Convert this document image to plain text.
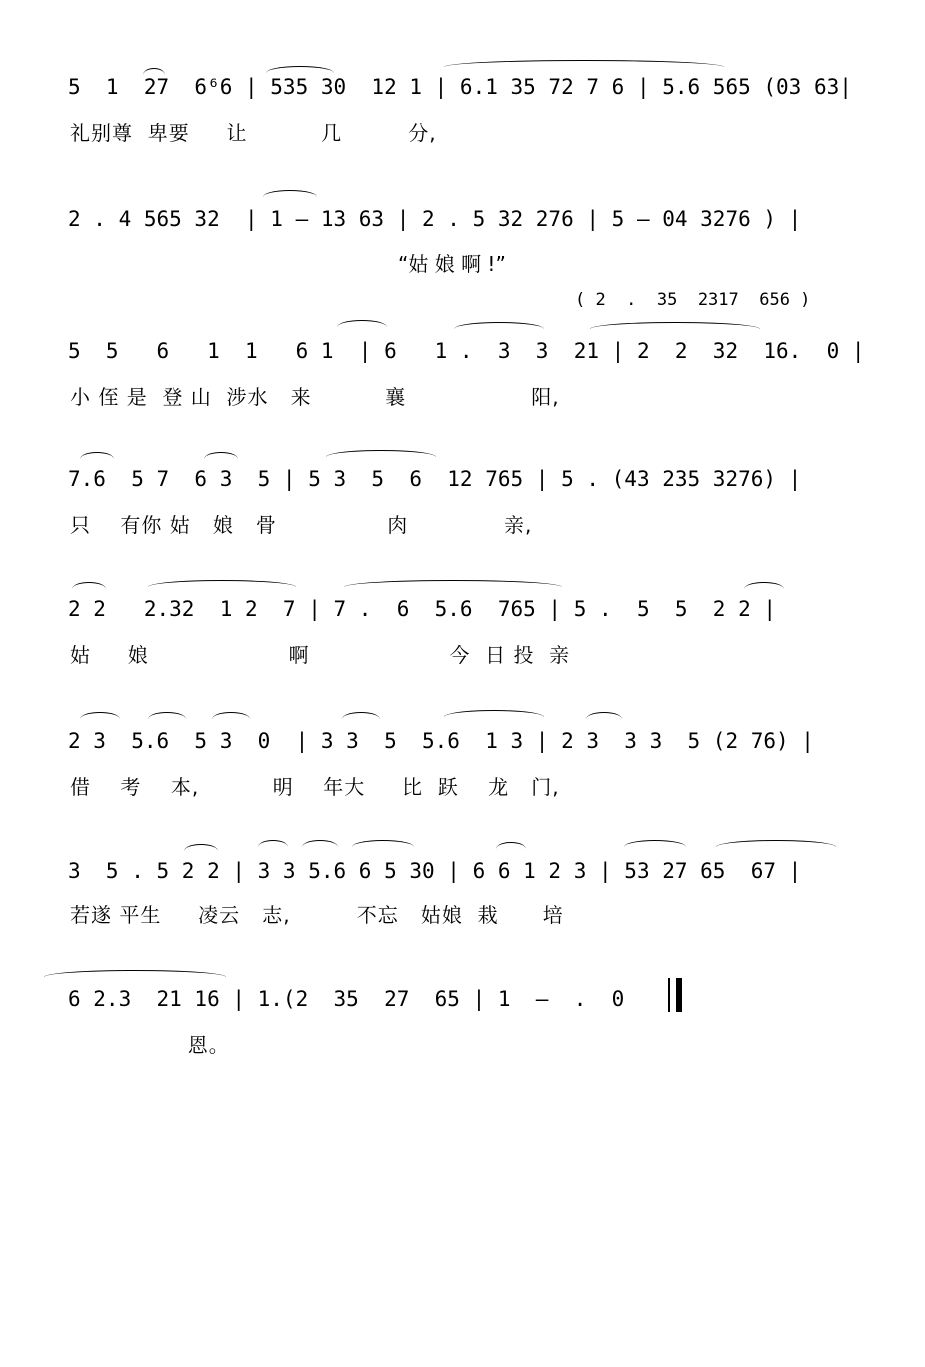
5  1  27  6⁶6 | 535 30  12 1 | 6.1 35 72 7 6 | 5.6 565 (03 63|
礼别尊  卑要     让          几         分,
2 . 4 565 32  | 1 – 13 63 | 2 . 5 32 276 | 5 – 04 3276 ) |
“姑 娘 啊 !”
( 2  .  35  2317  656 )
5  5   6   1  1   6 1  | 6   1 .  3  3  21 | 2  2  32  16.  0 |
小 侄 是  登 山  涉水   来          襄                 阳,
7.6  5 7  6 3  5 | 5 3  5  6  12 765 | 5 . (43 235 3276) |
只    有你 姑   娘   骨               肉             亲,
2 2   2.32  1 2  7 | 7 .  6  5.6  765 | 5 .  5  5  2 2 |
姑     娘                   啊                   今  日 投  亲
2 3  5.6  5 3  0  | 3 3  5  5.6  1 3 | 2 3  3 3  5 (2 76) |
借    考    本,          明    年大     比  跃    龙   门,
3  5 . 5 2 2 | 3 3 5.6 6 5 30 | 6 6 1 2 3 | 53 27 65  67 |
若遂 平生     凌云   志,         不忘   姑娘  栽      培
6 2.3  21 16 | 1.(2  35  27  65 | 1  –  .  0
恩。
